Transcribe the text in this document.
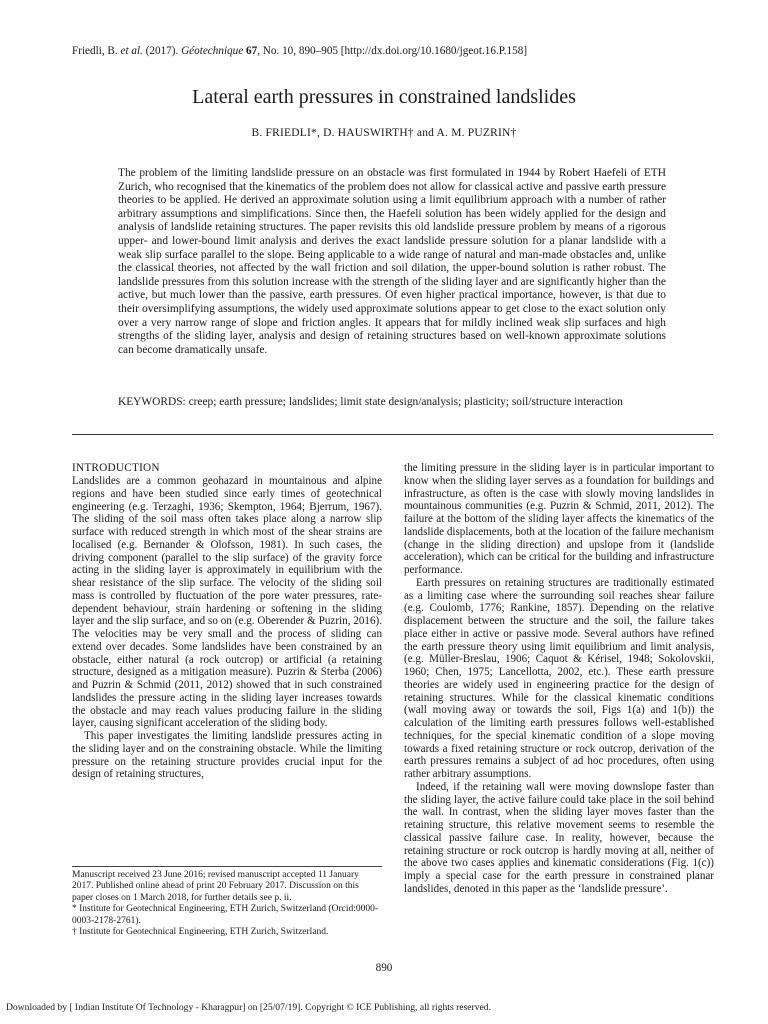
Friedli, B. et al. (2017). Géotechnique 67, No. 10, 890–905 [http://dx.doi.org/10.1680/jgeot.16.P.158]
Lateral earth pressures in constrained landslides
B. FRIEDLI*, D. HAUSWIRTH† and A. M. PUZRIN†

The problem of the limiting landslide pressure on an obstacle was first formulated in 1944 by Robert Haefeli of ETH Zurich, who recognised that the kinematics of the problem does not allow for classical active and passive earth pressure theories to be applied. He derived an approximate solution using a limit equilibrium approach with a number of rather arbitrary assumptions and simplifications. Since then, the Haefeli solution has been widely applied for the design and analysis of landslide retaining structures. The paper revisits this old landslide pressure problem by means of a rigorous upper- and lower-bound limit analysis and derives the exact landslide pressure solution for a planar landslide with a weak slip surface parallel to the slope. Being applicable to a wide range of natural and man-made obstacles and, unlike the classical theories, not affected by the wall friction and soil dilation, the upper-bound solution is rather robust. The landslide pressures from this solution increase with the strength of the sliding layer and are significantly higher than the active, but much lower than the passive, earth pressures. Of even higher practical importance, however, is that due to their oversimplifying assumptions, the widely used approximate solutions appear to get close to the exact solution only over a very narrow range of slope and friction angles. It appears that for mildly inclined weak slip surfaces and high strengths of the sliding layer, analysis and design of retaining structures based on well-known approximate solutions can become dramatically unsafe.

KEYWORDS: creep; earth pressure; landslides; limit state design/analysis; plasticity; soil/structure interaction

INTRODUCTION

Landslides are a common geohazard in mountainous and alpine regions and have been studied since early times of geotechnical engineering (e.g. Terzaghi, 1936; Skempton, 1964; Bjerrum, 1967). The sliding of the soil mass often takes place along a narrow slip surface with reduced strength in which most of the shear strains are localised (e.g. Bernander & Olofsson, 1981). In such cases, the driving component (parallel to the slip surface) of the gravity force acting in the sliding layer is approximately in equilibrium with the shear resistance of the slip surface. The velocity of the sliding soil mass is controlled by fluctuation of the pore water pressures, rate-dependent behaviour, strain hardening or softening in the sliding layer and the slip surface, and so on (e.g. Oberender & Puzrin, 2016). The velocities may be very small and the process of sliding can extend over decades. Some landslides have been constrained by an obstacle, either natural (a rock outcrop) or artificial (a retaining structure, designed as a mitigation measure). Puzrin & Sterba (2006) and Puzrin & Schmid (2011, 2012) showed that in such constrained landslides the pressure acting in the sliding layer increases towards the obstacle and may reach values producing failure in the sliding layer, causing significant acceleration of the sliding body.

This paper investigates the limiting landslide pressures acting in the sliding layer and on the constraining obstacle. While the limiting pressure on the retaining structure provides crucial input for the design of retaining structures,

the limiting pressure in the sliding layer is in particular important to know when the sliding layer serves as a foundation for buildings and infrastructure, as often is the case with slowly moving landslides in mountainous communities (e.g. Puzrin & Schmid, 2011, 2012). The failure at the bottom of the sliding layer affects the kinematics of the landslide displacements, both at the location of the failure mechanism (change in the sliding direction) and upslope from it (landslide acceleration), which can be critical for the building and infrastructure performance.

Earth pressures on retaining structures are traditionally estimated as a limiting case where the surrounding soil reaches shear failure (e.g. Coulomb, 1776; Rankine, 1857). Depending on the relative displacement between the structure and the soil, the failure takes place either in active or passive mode. Several authors have refined the earth pressure theory using limit equilibrium and limit analysis, (e.g. Müller-Breslau, 1906; Caquot & Kérisel, 1948; Sokolovskii, 1960; Chen, 1975; Lancellotta, 2002, etc.). These earth pressure theories are widely used in engineering practice for the design of retaining structures. While for the classical kinematic conditions (wall moving away or towards the soil, Figs 1(a) and 1(b)) the calculation of the limiting earth pressures follows well-established techniques, for the special kinematic condition of a slope moving towards a fixed retaining structure or rock outcrop, derivation of the earth pressures remains a subject of ad hoc procedures, often using rather arbitrary assumptions.

Indeed, if the retaining wall were moving downslope faster than the sliding layer, the active failure could take place in the soil behind the wall. In contrast, when the sliding layer moves faster than the retaining structure, this relative movement seems to resemble the classical passive failure case. In reality, however, because the retaining structure or rock outcrop is hardly moving at all, neither of the above two cases applies and kinematic considerations (Fig. 1(c)) imply a special case for the earth pressure in constrained planar landslides, denoted in this paper as the ‘landslide pressure’.

Manuscript received 23 June 2016; revised manuscript accepted 11 January 2017. Published online ahead of print 20 February 2017. Discussion on this paper closes on 1 March 2018, for further details see p. ii.

* Institute for Geotechnical Engineering, ETH Zurich, Switzerland (Orcid:0000-0003-2178-2761).

† Institute for Geotechnical Engineering, ETH Zurich, Switzerland.

890
Downloaded by [ Indian Institute Of Technology - Kharagpur] on [25/07/19]. Copyright © ICE Publishing, all rights reserved.
